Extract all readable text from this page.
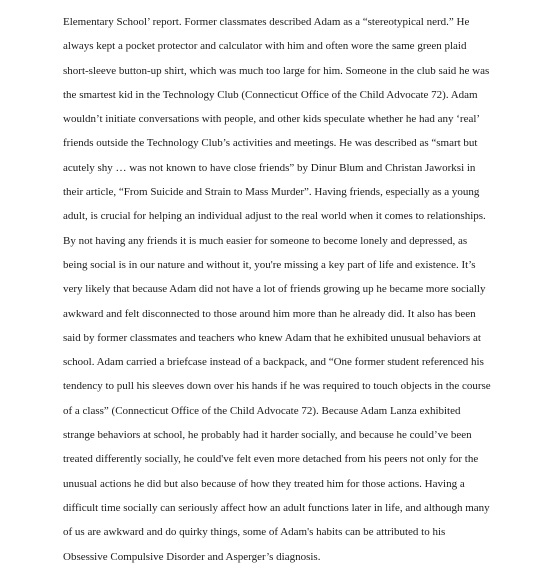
Elementary School’ report. Former classmates described Adam as a “stereotypical nerd.” He
always kept a pocket protector and calculator with him and often wore the same green plaid
short-sleeve button-up shirt, which was much too large for him. Someone in the club said he was
the smartest kid in the Technology Club (Connecticut Office of the Child Advocate 72). Adam
wouldn’t initiate conversations with people, and other kids speculate whether he had any ‘real’
friends outside the Technology Club’s activities and meetings. He was described as “smart but
acutely shy … was not known to have close friends” by Dinur Blum and Christan Jaworksi in
their article, “From Suicide and Strain to Mass Murder”. Having friends, especially as a young
adult, is crucial for helping an individual adjust to the real world when it comes to relationships.
By not having any friends it is much easier for someone to become lonely and depressed, as
being social is in our nature and without it, you're missing a key part of life and existence. It’s
very likely that because Adam did not have a lot of friends growing up he became more socially
awkward and felt disconnected to those around him more than he already did. It also has been
said by former classmates and teachers who knew Adam that he exhibited unusual behaviors at
school. Adam carried a briefcase instead of a backpack, and “One former student referenced his
tendency to pull his sleeves down over his hands if he was required to touch objects in the course
of a class” (Connecticut Office of the Child Advocate 72). Because Adam Lanza exhibited
strange behaviors at school, he probably had it harder socially, and because he could’ve been
treated differently socially, he could've felt even more detached from his peers not only for the
unusual actions he did but also because of how they treated him for those actions. Having a
difficult time socially can seriously affect how an adult functions later in life, and although many
of us are awkward and do quirky things, some of Adam's habits can be attributed to his
Obsessive Compulsive Disorder and Asperger’s diagnosis.
